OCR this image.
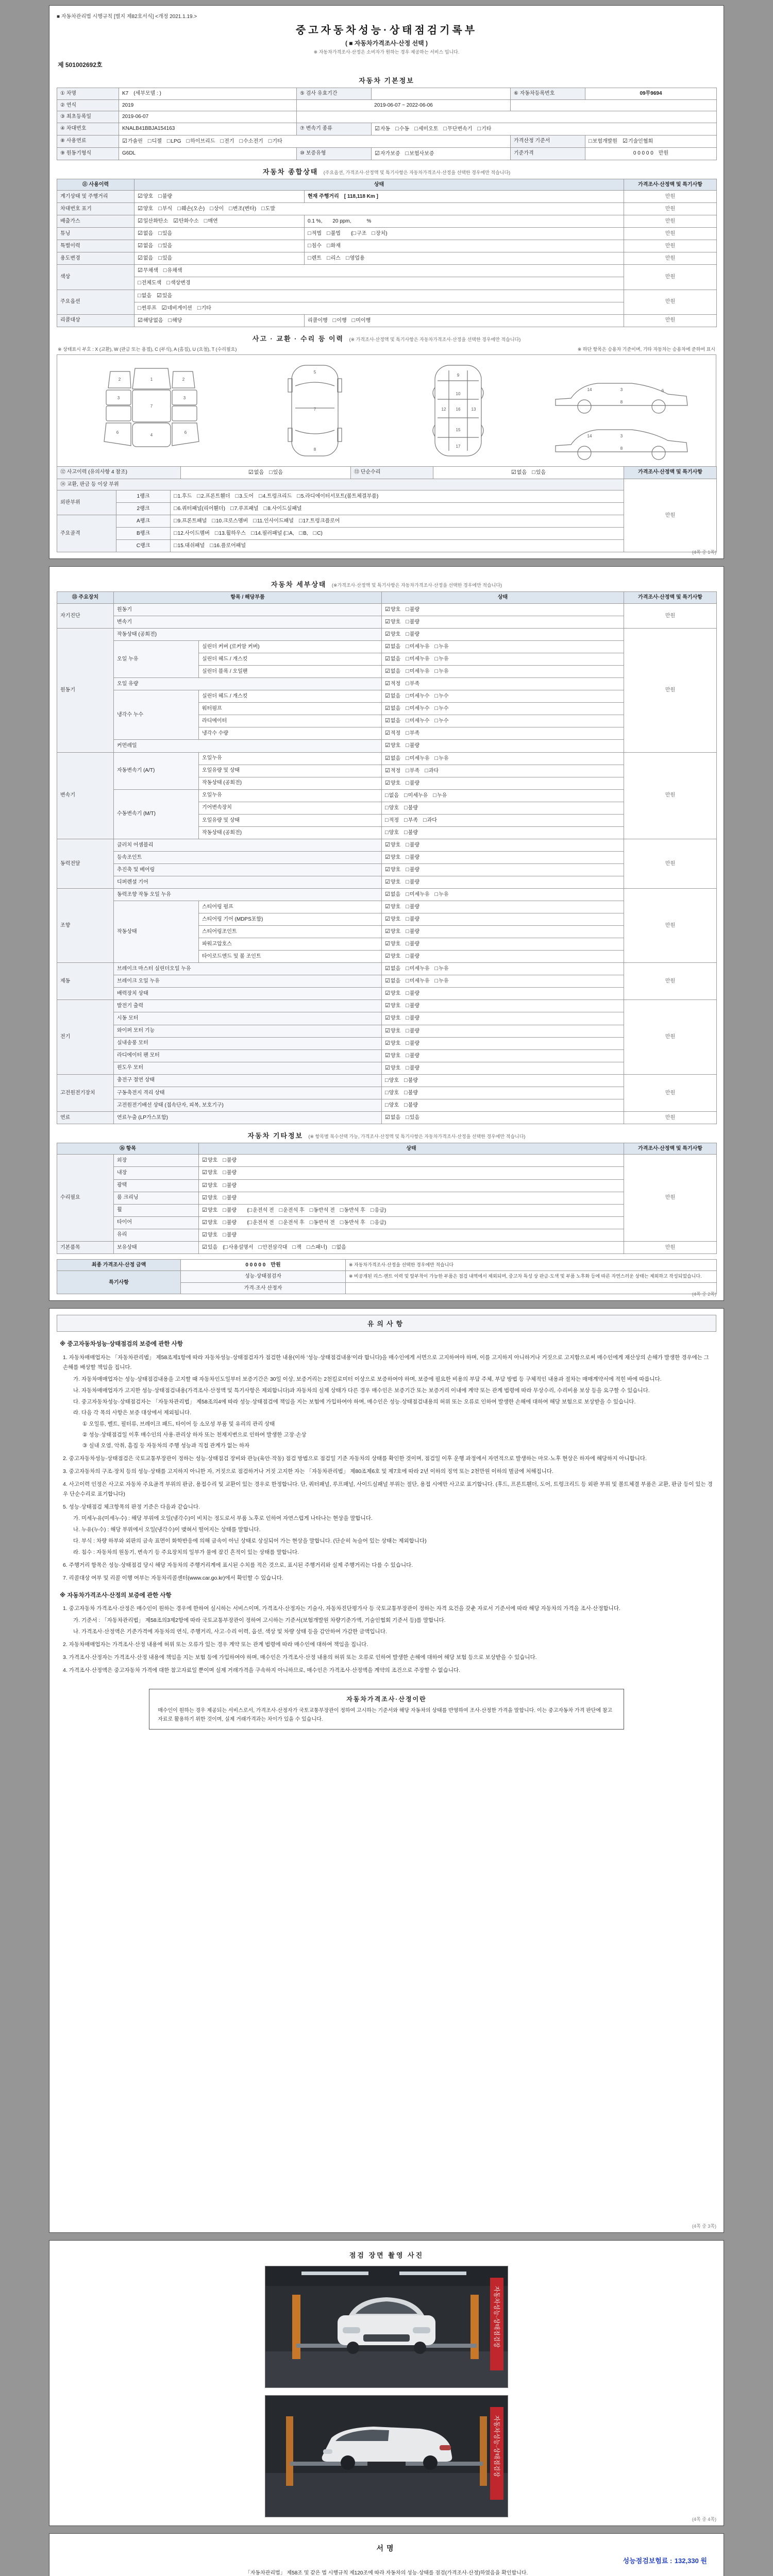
■ 자동차관리법 시행규칙 [별지 제82호서식] <개정 2021.1.19.>
중고자동차성능·상태점검기록부
( ■ 자동차가격조사·산정 선택 )
※ 자동차가격조사·산정은 소비자가 원하는 경우 제공하는 서비스 입니다.
제 501002692호
자동차 기본정보
① 차명	K7　(세부모델 : )	⑤ 검사 유효기간		⑥ 자동차등록번호	09무9694
② 연식	2019	2019-06-07 ~ 2022-06-06			
③ 최초등록일	2019-06-07				
④ 차대번호	KNALB41BBJA154163	⑦ 변속기 종류	☑자동　□수동　□세미오토　□무단변속기　□기타		
⑧ 사용연료	☑가솔린　□디젤　□LPG　□하이브리드　□전기　□수소전기　□기타			가격산정 기준서	□보험개발원　☑기술인협회
⑨ 원동기형식	G6DL	⑩ 보증유형	☑자가보증　□보험사보증	기준가격	0 0 0 0 0　만원
자동차 종합상태 (주요옵션, 가격조사·산정액 및 특기사항은 자동차가격조사·산정을 선택한 경우에만 적습니다)
⑪ 사용이력	상태		가격조사·산정액 및 특기사항
계기상태 및 주행거리	☑양호　□불량	현재 주행거리　[ 118,118 Km ]	만원
차대번호 표기	☑양호　□부식　□훼손(오손)　□상이　□변조(변타)　□도말		만원
배출가스	☑일산화탄소　☑탄화수소　□매연	0.1 %,　　20 ppm,　　　%	만원
튜닝	☑없음　□있음	□적법　□불법　　(□구조　□장치)	만원
특별이력	☑없음　□있음	□침수　□화재	만원
용도변경	☑없음　□있음	□렌트　□리스　□영업용	만원
색상	☑무채색　□유채색		만원
	□전체도색　□색상변경		
주요옵션	□없음　☑있음		만원
	□썬루프　☑네비게이션　□기타		
리콜대상	☑해당없음　□해당	리콜이행　□이행　□미이행	만원
사고 · 교환 · 수리 등 이력 (※ 가격조사·산정액 및 특기사항은 자동차가격조사·산정을 선택한 경우에만 적습니다)
※ 상태표시 부호 : X (교환), W (판금 또는 용접), C (부식), A (흠집), U (요철), T (수리필요)	※ 하단 항목은 승용차 기준이며, 기타 자동차는 승용차에 준하여 표시
1
7
4
2	2
3	3
6	6
5
7
8
9
10
12 16	13
15
17
14	3	6
8
14	3
8
⑫ 사고이력 (유의사항 4 참조)	☑없음　□있음	⑬ 단순수리	☑없음　□있음	가격조사·산정액 및 특기사항
⑭ 교환, 판금 등 이상 부위			만원
외판부위	1랭크	□1.후드　□2.프론트휀더　□3.도어　□4.트렁크리드　□5.라디에이터서포트(볼트체결부품)	
	2랭크	□6.쿼터패널(리어휀더)　□7.루프패널　□8.사이드실패널	
주요골격	A랭크	□9.프론트패널　□10.크로스멤버　□11.인사이드패널　□17.트렁크플로어	
	B랭크	□12.사이드멤버　□13.휠하우스　□14.필러패널 (□A,　□B,　□C)	
	C랭크	□15.대쉬패널　□16.플로어패널	
(4쪽 중 1쪽)
자동차 세부상태 (※가격조사·산정액 및 특기사항은 자동차가격조사·산정을 선택한 경우에만 적습니다)
⑮ 주요장치	항목 / 해당부품		상태	가격조사·산정액 및 특기사항
자기진단	원동기		☑양호　□불량	만원
	변속기		☑양호　□불량	
원동기	작동상태 (공회전)		☑양호　□불량	만원
	오일 누유	실린더 커버 (로커암 커버)	☑없음　□미세누유　□누유	
		실린더 헤드 / 개스킷	☑없음　□미세누유　□누유	
		실린더 블록 / 오일팬	☑없음　□미세누유　□누유	
	오일 유량		☑적정　□부족	
	냉각수 누수	실린더 헤드 / 개스킷	☑없음　□미세누수　□누수	
		워터펌프	☑없음　□미세누수　□누수	
		라디에이터	☑없음　□미세누수　□누수	
		냉각수 수량	☑적정　□부족	
	커먼레일		☑양호　□불량	
변속기	자동변속기 (A/T)	오일누유	☑없음　□미세누유　□누유	만원
		오일유량 및 상태	☑적정　□부족　□과다	
		작동상태 (공회전)	☑양호　□불량	
	수동변속기 (M/T)	오일누유	□없음　□미세누유　□누유	
		기어변속장치	□양호　□불량	
		오일유량 및 상태	□적정　□부족　□과다	
		작동상태 (공회전)	□양호　□불량	
동력전달	클러치 어셈블리		☑양호　□불량	만원
	등속조인트		☑양호　□불량	
	추진축 및 베어링		☑양호　□불량	
	디퍼렌셜 기어		☑양호　□불량	
조향	동력조향 작동 오일 누유		☑없음　□미세누유　□누유	만원
	작동상태	스티어링 펌프	☑양호　□불량	
		스티어링 기어 (MDPS포함)	☑양호　□불량	
		스티어링조인트	☑양호　□불량	
		파워고압호스	☑양호　□불량	
		타이로드엔드 및 볼 조인트	☑양호　□불량	
제동	브레이크 마스터 실린더오일 누유		☑없음　□미세누유　□누유	만원
	브레이크 오일 누유		☑없음　□미세누유　□누유	
	배력장치 상태		☑양호　□불량	
전기	발전기 출력		☑양호　□불량	만원
	시동 모터		☑양호　□불량	
	와이퍼 모터 기능		☑양호　□불량	
	실내송풍 모터		☑양호　□불량	
	라디에이터 팬 모터		☑양호　□불량	
	윈도우 모터		☑양호　□불량	
고전원전기장치	충전구 절연 상태		□양호　□불량	만원
	구동축전지 격리 상태		□양호　□불량	
	고전원전기배선 상태 (접속단자, 피복, 보호기구)		□양호　□불량	
연료	연료누출 (LP가스포함)		☑없음　□있음	만원
자동차 기타정보 (※ 항목별 복수선택 가능, 가격조사·산정액 및 특기사항은 자동차가격조사·산정을 선택한 경우에만 적습니다)
⑯ 항목		상태	가격조사·산정액 및 특기사항
수리필요	외장	☑양호　□불량	만원
	내장	☑양호　□불량	
	광택	☑양호　□불량	
	룸 크리닝	☑양호　□불량	
	휠	☑양호　□불량　　(□운전석 전　□운전석 후　□동반석 전　□동반석 후　□응급)	
	타이어	☑양호　□불량　　(□운전석 전　□운전석 후　□동반석 전　□동반석 후　□응급)	
	유리	☑양호　□불량	
기본품목	보유상태	☑있음　(□사용설명서　□안전삼각대　□잭　□스패너)　□없음	만원
최종 가격조사·산정 금액	0 0 0 0 0　만원	※ 자동차가격조사·산정을 선택한 경우에만 적습니다
특기사항	성능·상태점검자	※ 비공개된 리스·렌트 이력 및 탈부착이 가능한 부품은 점검 내역에서 제외되며, 중고차 특성 상 판금·도색 및 부품 노후화 등에 따른 자연스러운 상태는 제외하고 작성되었습니다.
	가격·조사 산정자	
(4쪽 중 2쪽)
유의사항
※ 중고자동차성능·상태점검의 보증에 관한 사항
1. 자동차매매업자는 「자동차관리법」 제58조제1항에 따라 자동차성능·상태점검자가 점검한 내용(이하 '성능·상태점검내용'이라 합니다)을 매수인에게 서면으로 고지하여야 하며, 이를 고지하지 아니하거나 거짓으로 고지함으로써 매수인에게 재산상의 손해가 발생한 경우에는 그 손해를 배상할 책임을 집니다.
가. 자동차매매업자는 성능·상태점검내용을 고지할 때 자동차인도일부터 보증기간은 30일 이상, 보증거리는 2천킬로미터 이상으로 보증하여야 하며, 보증에 필요한 비용의 부담 주체, 부담 방법 등 구체적인 내용과 절차는 매매계약서에 적힌 바에 따릅니다.
나. 자동차매매업자가 고지한 성능·상태점검내용(가격조사·산정액 및 특기사항은 제외합니다)과 자동차의 실제 상태가 다른 경우 매수인은 보증기간 또는 보증거리 이내에 계약 또는 관계 법령에 따라 무상수리, 수리비용 보상 등을 요구할 수 있습니다.
다. 중고자동차성능·상태점검자는 「자동차관리법」 제58조의4에 따라 성능·상태점검에 책임을 지는 보험에 가입하여야 하며, 매수인은 성능·상태점검내용의 허위 또는 오류로 인하여 발생한 손해에 대하여 해당 보험으로 보상받을 수 있습니다.
라. 다음 각 목의 사항은 보증 대상에서 제외됩니다.
① 오일류, 벨트, 필터류, 브레이크 패드, 타이어 등 소모성 부품 및 유리의 관리 상태
② 성능·상태점검일 이후 매수인의 사용·관리상 하자 또는 천재지변으로 인하여 발생한 고장·손상
③ 실내 오염, 악취, 흠집 등 자동차의 주행 성능과 직접 관계가 없는 하자
2. 중고자동차성능·상태점검은 국토교통부장관이 정하는 성능·상태점검 장비와 관능(육안·작동) 점검 방법으로 점검일 기준 자동차의 상태를 확인한 것이며, 점검일 이후 운행 과정에서 자연적으로 발생하는 마모·노후 현상은 하자에 해당하지 아니합니다.
3. 중고자동차의 구조·장치 등의 성능·상태를 고지하지 아니한 자, 거짓으로 점검하거나 거짓 고지한 자는 「자동차관리법」 제80조제6호 및 제7호에 따라 2년 이하의 징역 또는 2천만원 이하의 벌금에 처해집니다.
4. 사고이력 인정은 사고로 자동차 주요골격 부위의 판금, 용접수리 및 교환이 있는 경우로 한정합니다. 단, 쿼터패널, 루프패널, 사이드실패널 부위는 절단, 용접 시에만 사고로 표기합니다. (후드, 프론트휀더, 도어, 트렁크리드 등 외판 부위 및 볼트체결 부품은 교환, 판금 등이 있는 경우 단순수리로 표기합니다)
5. 성능·상태점검 체크항목의 판정 기준은 다음과 같습니다.
가. 미세누유(미세누수) : 해당 부위에 오일(냉각수)이 비치는 정도로서 부품 노후로 인하여 자연스럽게 나타나는 현상을 말합니다.
나. 누유(누수) : 해당 부위에서 오일(냉각수)이 맺혀서 떨어지는 상태를 말합니다.
다. 부식 : 차량 하부와 외판의 금속 표면이 화학반응에 의해 금속이 아닌 상태로 상실되어 가는 현상을 말합니다. (단순히 녹슬어 있는 상태는 제외합니다)
라. 침수 : 자동차의 원동기, 변속기 등 주요장치의 일부가 물에 잠긴 흔적이 있는 상태를 말합니다.
6. 주행거리 항목은 성능·상태점검 당시 해당 자동차의 주행거리계에 표시된 수치를 적은 것으로, 표시된 주행거리와 실제 주행거리는 다를 수 있습니다.
7. 리콜대상 여부 및 리콜 이행 여부는 자동차리콜센터(www.car.go.kr)에서 확인할 수 있습니다.
※ 자동차가격조사·산정의 보증에 관한 사항
1. 중고자동차 가격조사·산정은 매수인이 원하는 경우에 한하여 실시하는 서비스이며, 가격조사·산정자는 기술사, 자동차진단평가사 등 국토교통부장관이 정하는 자격 요건을 갖춘 자로서 기준서에 따라 해당 자동차의 가격을 조사·산정합니다.
가. 기준서 : 「자동차관리법」 제58조의3제2항에 따라 국토교통부장관이 정하여 고시하는 기준서(보험개발원 차량기준가액, 기술인협회 기준서 등)를 말합니다.
나. 가격조사·산정액은 기준가격에 자동차의 연식, 주행거리, 사고·수리 이력, 옵션, 색상 및 차량 상태 등을 감안하여 가감한 금액입니다.
2. 자동차매매업자는 가격조사·산정 내용에 허위 또는 오류가 있는 경우 계약 또는 관계 법령에 따라 매수인에 대하여 책임을 집니다.
3. 가격조사·산정자는 가격조사·산정 내용에 책임을 지는 보험 등에 가입하여야 하며, 매수인은 가격조사·산정 내용의 허위 또는 오류로 인하여 발생한 손해에 대하여 해당 보험 등으로 보상받을 수 있습니다.
4. 가격조사·산정액은 중고자동차 가격에 대한 참고자료일 뿐이며 실제 거래가격을 구속하지 아니하므로, 매수인은 가격조사·산정액을 계약의 조건으로 주장할 수 없습니다.
자동차가격조사·산정이란
매수인이 원하는 경우 제공되는 서비스로서, 가격조사·산정자가 국토교통부장관이 정하여 고시하는 기준서와 해당 자동차의 상태를 반영하여 조사·산정한 가격을 말합니다. 이는 중고자동차 가격 판단에 참고자료로 활용하기 위한 것이며, 실제 거래가격과는 차이가 있을 수 있습니다.
(4쪽 중 3쪽)
점검 장면 촬영 사진
자동차성능·상태점검장
자동차성능·상태점검장
(4쪽 중 4쪽)
서명
성능점검보험료 : 132,330 원
「자동차관리법」 제58조 및 같은 법 시행규칙 제120조에 따라 자동차의 성능·상태를 점검(가격조사·산정)하였음을 확인합니다.
